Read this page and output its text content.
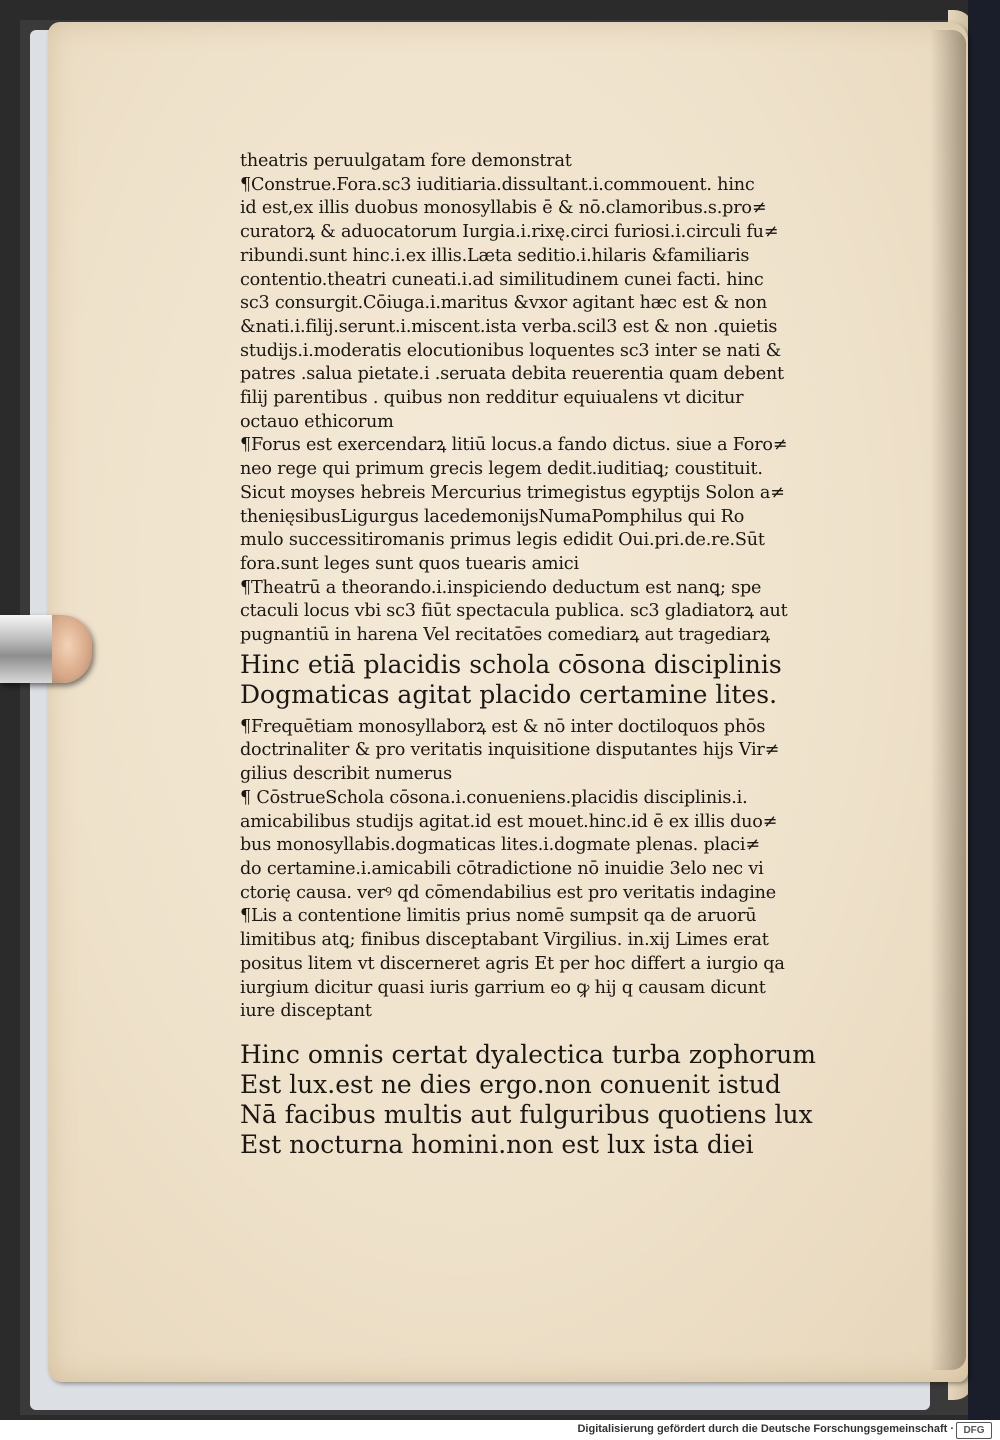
theatris peruulgatam fore demonstrat
¶Construe.Fora.sc3 iuditiaria.dissultant.i.commouent. hinc
id est,ex illis duobus monosyllabis ē & nō.clamoribus.s.pro≠
curatorꝝ & aduocatorum Iurgia.i.rixę.circi furiosi.i.circuli fu≠
ribundi.sunt hinc.i.ex illis.Læta seditio.i.hilaris &familiaris
contentio.theatri cuneati.i.ad similitudinem cunei facti. hinc
sc3 consurgit.Cōiuga.i.maritus &vxor agitant hæc est & non
&nati.i.filij.serunt.i.miscent.ista verba.scil3 est & non .quietis
studijs.i.moderatis elocutionibus loquentes sc3 inter se nati &
patres .salua pietate.i .seruata debita reuerentia quam debent
filij parentibus . quibus non redditur equiualens vt dicitur
octauo ethicorum
¶Forus est exercendarꝝ litiū locus.a fando dictus. siue a Foro≠
neo rege qui primum grecis legem dedit.iuditiaꝗ; coustituit.
Sicut moyses hebreis Mercurius trimegistus egyptijs Solon a≠
thenięsibusLigurgus lacedemonijsNumaPomphilus qui Ro
mulo successitiromanis primus legis edidit Oui.pri.de.re.Sūt
fora.sunt leges sunt quos tuearis amici
¶Theatrū a theorando.i.inspiciendo deductum est nanꝗ; spe
ctaculi locus vbi sc3 fiūt spectacula publica. sc3 gladiatorꝝ aut
pugnantiū in harena Vel recitatōes comediarꝝ aut tragediarꝝ
Hinc etiā placidis schola cōsona disciplinis
Dogmaticas agitat placido certamine lites.
¶Frequētiam monosyllaborꝝ est & nō inter doctiloquos phōs
doctrinaliter & pro veritatis inquisitione disputantes hijs Vir≠
gilius describit numerus
¶ CōstrueSchola cōsona.i.conueniens.placidis disciplinis.i.
amicabilibus studijs agitat.id est mouet.hinc.id ē ex illis duo≠
bus monosyllabis.dogmaticas lites.i.dogmate plenas. placi≠
do certamine.i.amicabili cōtradictione nō inuidie 3elo nec vi
ctorię causa. verꝰ qd cōmendabilius est pro veritatis indagine
¶Lis a contentione limitis prius nomē sumpsit qa de aruorū
limitibus atꝗ; finibus disceptabant Virgilius. in.xij Limes erat
positus litem vt discerneret agris Et per hoc differt a iurgio qa
iurgium dicitur quasi iuris garrium eo ꝙ hij q causam dicunt
iure disceptant
Hinc omnis certat dyalectica turba zophorum
Est lux.est ne dies ergo.non conuenit istud
Nā facibus multis aut fulguribus quotiens lux
Est nocturna homini.non est lux ista diei
Digitalisierung gefördert durch die Deutsche Forschungsgemeinschaft · DFG
